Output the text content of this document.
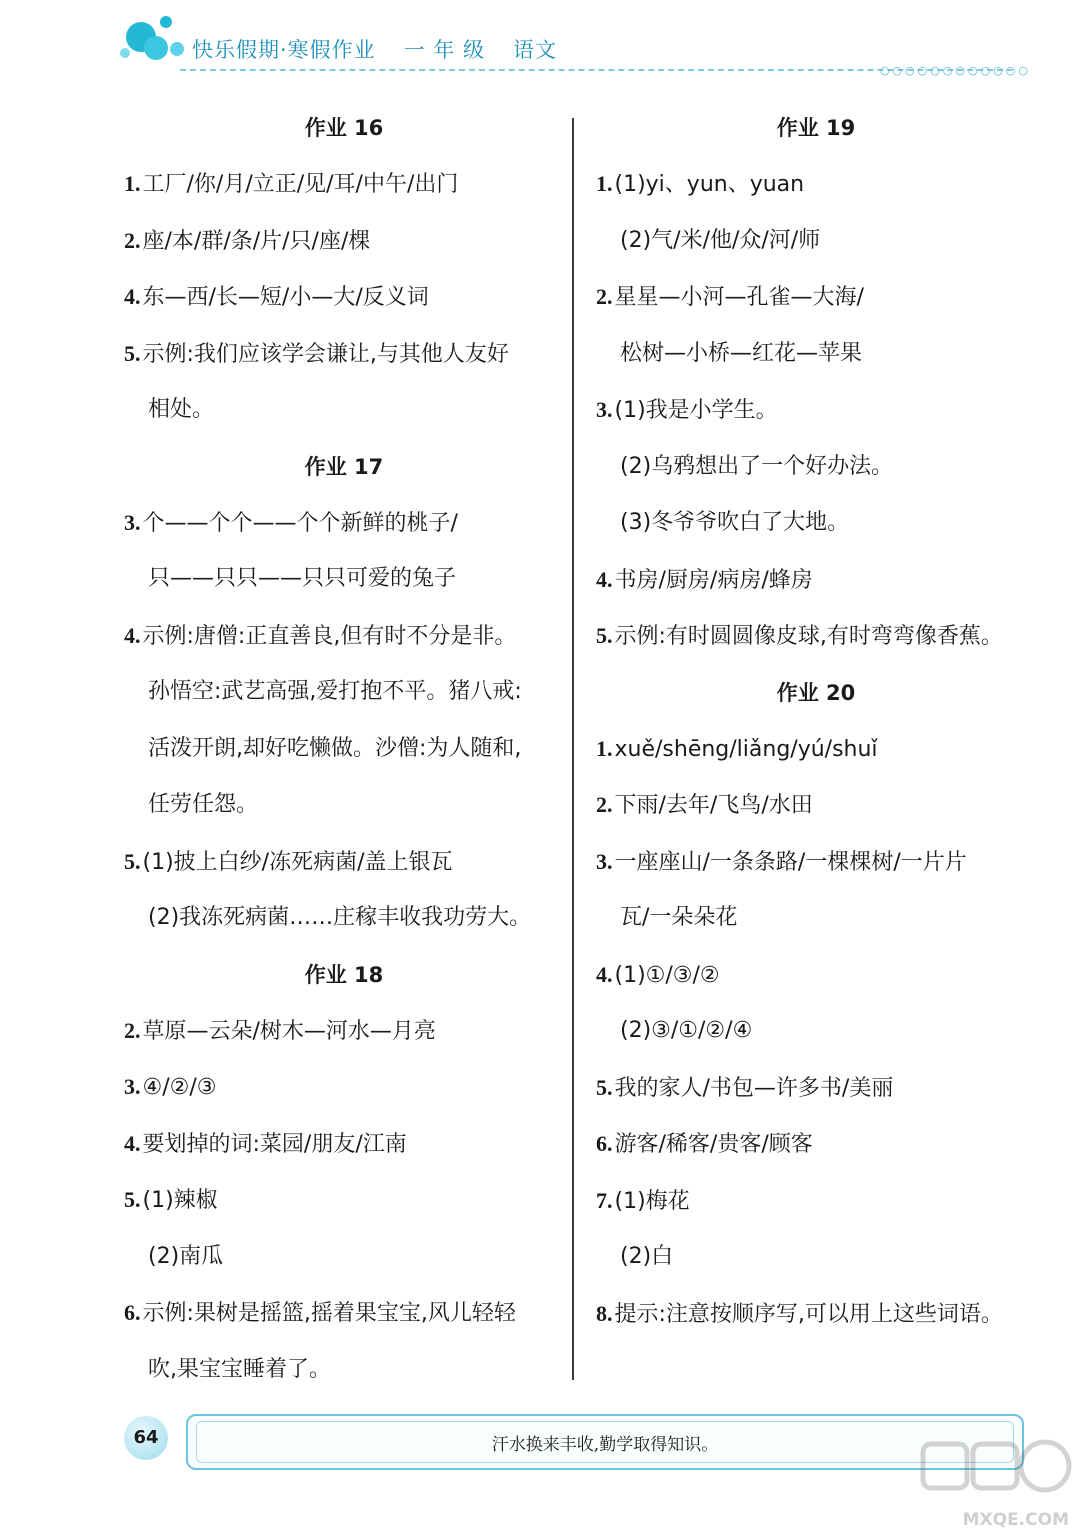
快乐假期·寒假作业 一 年 级 语文
○○○○○○○○○○○○
作业 16
1.工厂/你/月/立正/见/耳/中午/出门
2.座/本/群/条/片/只/座/棵
4.东—西/长—短/小—大/反义词
5.示例:我们应该学会谦让,与其他人友好
相处。
作业 17
3.个——个个——个个新鲜的桃子/
只——只只——只只可爱的兔子
4.示例:唐僧:正直善良,但有时不分是非。
孙悟空:武艺高强,爱打抱不平。猪八戒:
活泼开朗,却好吃懒做。沙僧:为人随和,
任劳任怨。
5.(1)披上白纱/冻死病菌/盖上银瓦
(2)我冻死病菌……庄稼丰收我功劳大。
作业 18
2.草原—云朵/树木—河水—月亮
3.④/②/③
4.要划掉的词:菜园/朋友/江南
5.(1)辣椒
(2)南瓜
6.示例:果树是摇篮,摇着果宝宝,风儿轻轻
吹,果宝宝睡着了。
作业 19
1.(1)yi、yun、yuan
(2)气/米/他/众/河/师
2.星星—小河—孔雀—大海/
松树—小桥—红花—苹果
3.(1)我是小学生。
(2)乌鸦想出了一个好办法。
(3)冬爷爷吹白了大地。
4.书房/厨房/病房/蜂房
5.示例:有时圆圆像皮球,有时弯弯像香蕉。
作业 20
1.xuě/shēng/liǎng/yú/shuǐ
2.下雨/去年/飞鸟/水田
3.一座座山/一条条路/一棵棵树/一片片
瓦/一朵朵花
4.(1)①/③/②
(2)③/①/②/④
5.我的家人/书包—许多书/美丽
6.游客/稀客/贵客/顾客
7.(1)梅花
(2)白
8.提示:注意按顺序写,可以用上这些词语。
64	汗水换来丰收,勤学取得知识。
MXQE.COM
